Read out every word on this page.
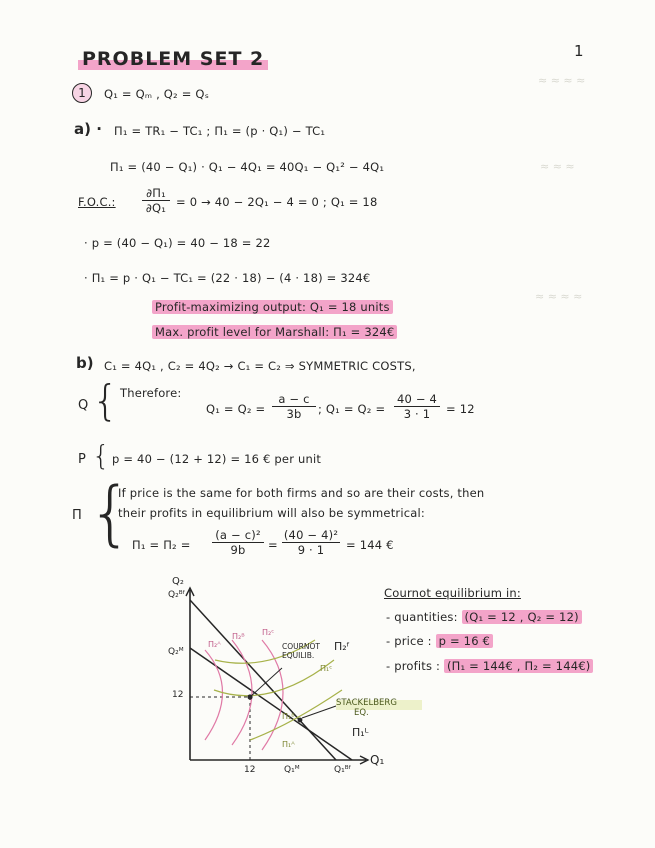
≈ ≈ ≈ ≈
≈ ≈ ≈
≈ ≈ ≈ ≈
1
PROBLEM SET 2
1	Q₁ = Qₘ , Q₂ = Qₛ
a) · Π₁ = TR₁ − TC₁ ; Π₁ = (p · Q₁) − TC₁
Π₁ = (40 − Q₁) · Q₁ − 4Q₁ = 40Q₁ − Q₁² − 4Q₁
F.O.C.:
∂Π₁
∂Q₁ = 0 → 40 − 2Q₁ − 4 = 0 ; Q₁ = 18
· p = (40 − Q₁) = 40 − 18 = 22
· Π₁ = p · Q₁ − TC₁ = (22 · 18) − (4 · 18) = 324€
Profit-maximizing output: Q₁ = 18 units
Max. profit level for Marshall: Π₁ = 324€
b) C₁ = 4Q₁ , C₂ = 4Q₂ → C₁ = C₂ ⇒ SYMMETRIC COSTS,
Q { Therefore:
Q₁ = Q₂ =
a − c
3b	; Q₁ = Q₂ =
40 − 4
3 · 1	= 12
P { p = 40 − (12 + 12) = 16 € per unit
Π {
If price is the same for both firms and so are their costs, then
their profits in equilibrium will also be symmetrical:
Π₁ = Π₂ =
(a − c)²
9b	=
(40 − 4)²
9 · 1	= 144 €
Q₂
Q₂ᴮᶠ
Q₂ᴹ
12
12	Q₁ᴹ	Q₁ᴮᶠ
Q₁
Π₂ᴬ
Π₂ᴮ Π₂ᶜ
Π₁ᴬ
Π₁ᴮ
Π₁ᶜ
Π₂ᶠ
Π₁ᴸ
COURNOT
EQUILIB.
STACKELBERG
EQ.
Cournot equilibrium in:
- quantities: (Q₁ = 12 , Q₂ = 12)
- price : p = 16 €
- profits : (Π₁ = 144€ , Π₂ = 144€)
